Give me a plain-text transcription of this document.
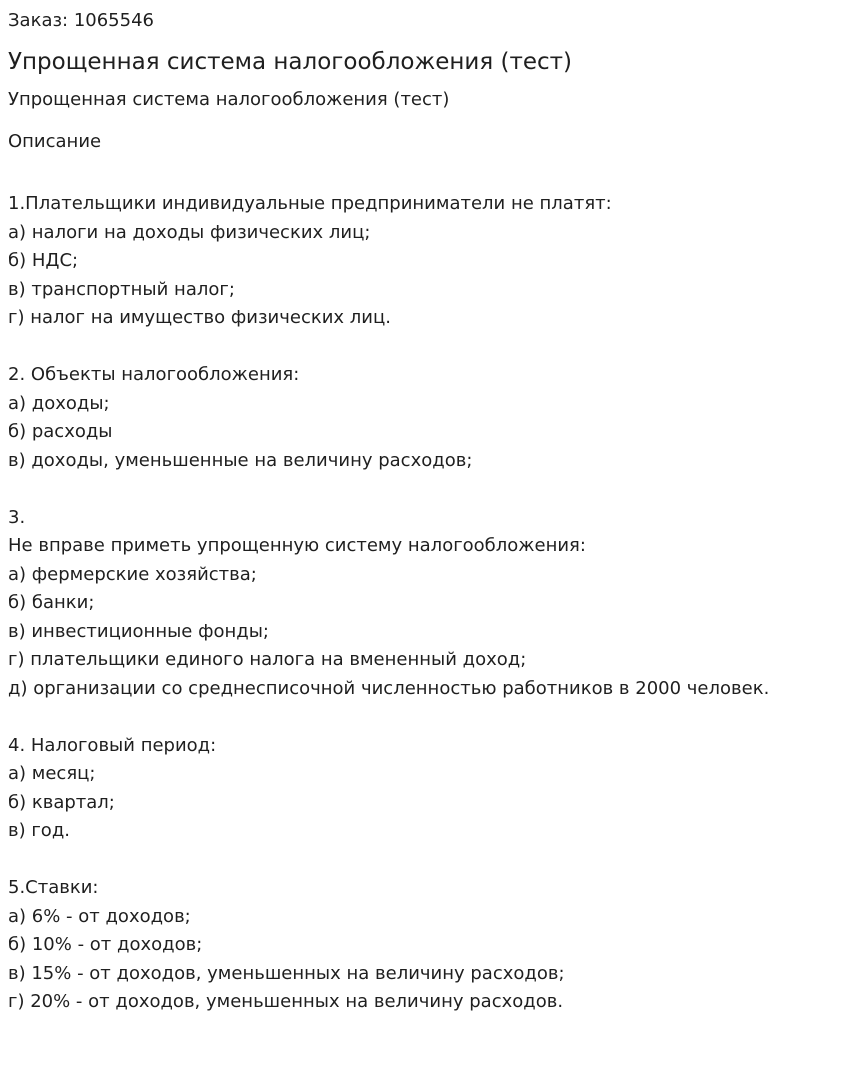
Заказ: 1065546
Упрощенная система налогообложения (тест)
Упрощенная система налогообложения (тест)
Описание
1.Плательщики индивидуальные предприниматели не платят:
а) налоги на доходы физических лиц;
б) НДС;
в) транспортный налог;
г) налог на имущество физических лиц.
2. Объекты налогообложения:
а) доходы;
б) расходы
в) доходы, уменьшенные на величину расходов;
3.
Не вправе приметь упрощенную систему налогообложения:
а) фермерские хозяйства;
б) банки;
в) инвестиционные фонды;
г) плательщики единого налога на вмененный доход;
д) организации со среднесписочной численностью работников в 2000 человек.
4. Налоговый период:
а) месяц;
б) квартал;
в) год.
5.Ставки:
а) 6% - от доходов;
б) 10% - от доходов;
в) 15% - от доходов, уменьшенных на величину расходов;
г) 20% - от доходов, уменьшенных на величину расходов.
